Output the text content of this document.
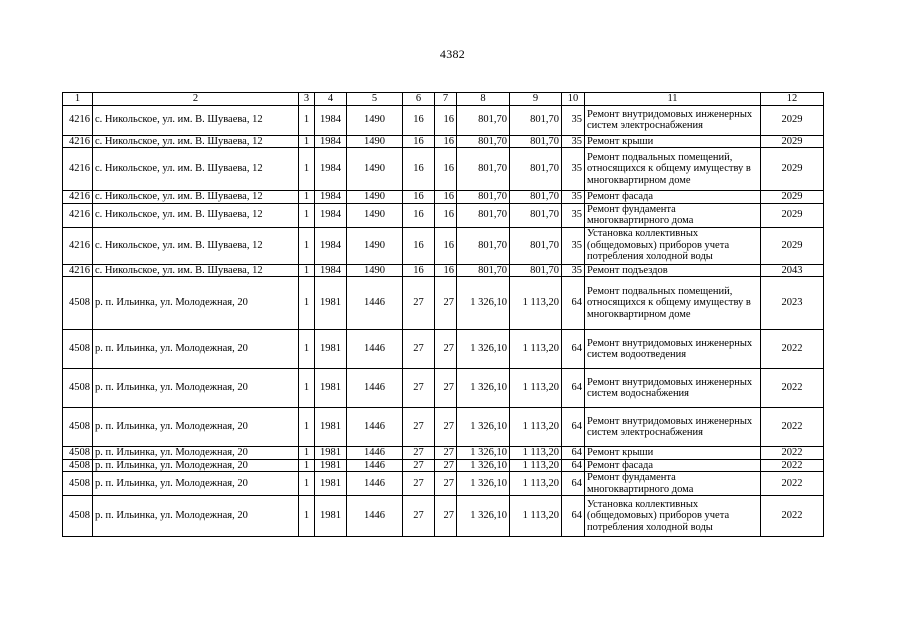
4382
1	2	3	4	5	6	7	8	9	10	11	12
4216	с. Никольское, ул. им. В. Шуваева, 12	1	1984	1490	16	16	801,70	801,70	35	Ремонт внутридомовых инженерных систем электроснабжения	2029
4216	с. Никольское, ул. им. В. Шуваева, 12	1	1984	1490	16	16	801,70	801,70	35	Ремонт крыши	2029
4216	с. Никольское, ул. им. В. Шуваева, 12	1	1984	1490	16	16	801,70	801,70	35	Ремонт подвальных помещений, относящихся к общему имуществу в многоквартирном доме	2029
4216	с. Никольское, ул. им. В. Шуваева, 12	1	1984	1490	16	16	801,70	801,70	35	Ремонт фасада	2029
4216	с. Никольское, ул. им. В. Шуваева, 12	1	1984	1490	16	16	801,70	801,70	35	Ремонт фундамента многоквартирного дома	2029
4216	с. Никольское, ул. им. В. Шуваева, 12	1	1984	1490	16	16	801,70	801,70	35	Установка коллективных (общедомовых) приборов учета потребления холодной воды	2029
4216	с. Никольское, ул. им. В. Шуваева, 12	1	1984	1490	16	16	801,70	801,70	35	Ремонт подъездов	2043
4508	р. п. Ильинка, ул. Молодежная, 20	1	1981	1446	27	27	1 326,10	1 113,20	64	Ремонт подвальных помещений, относящихся к общему имуществу в многоквартирном доме	2023
4508	р. п. Ильинка, ул. Молодежная, 20	1	1981	1446	27	27	1 326,10	1 113,20	64	Ремонт внутридомовых инженерных систем водоотведения	2022
4508	р. п. Ильинка, ул. Молодежная, 20	1	1981	1446	27	27	1 326,10	1 113,20	64	Ремонт внутридомовых инженерных систем водоснабжения	2022
4508	р. п. Ильинка, ул. Молодежная, 20	1	1981	1446	27	27	1 326,10	1 113,20	64	Ремонт внутридомовых инженерных систем электроснабжения	2022
4508	р. п. Ильинка, ул. Молодежная, 20	1	1981	1446	27	27	1 326,10	1 113,20	64	Ремонт крыши	2022
4508	р. п. Ильинка, ул. Молодежная, 20	1	1981	1446	27	27	1 326,10	1 113,20	64	Ремонт фасада	2022
4508	р. п. Ильинка, ул. Молодежная, 20	1	1981	1446	27	27	1 326,10	1 113,20	64	Ремонт фундамента многоквартирного дома	2022
4508	р. п. Ильинка, ул. Молодежная, 20	1	1981	1446	27	27	1 326,10	1 113,20	64	Установка коллективных (общедомовых) приборов учета потребления холодной воды	2022
